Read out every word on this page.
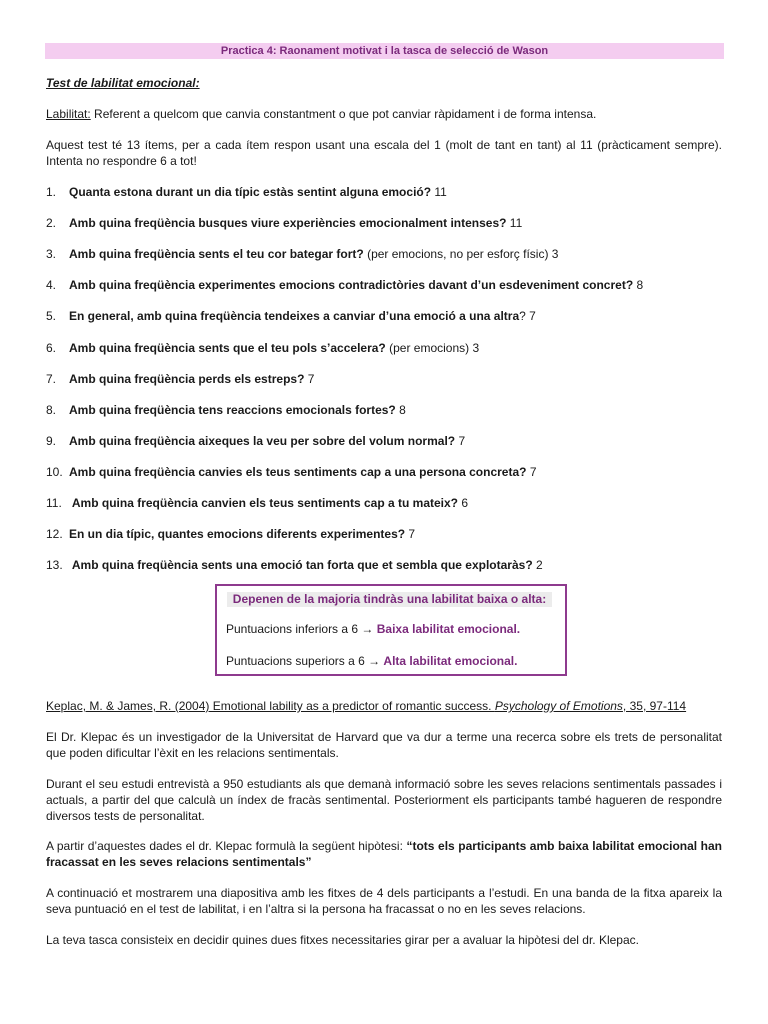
Practica 4: Raonament motivat i la tasca de selecció de Wason
Test de labilitat emocional:
Labilitat: Referent a quelcom que canvia constantment o que pot canviar ràpidament i de forma intensa.
Aquest test té 13 ítems, per a cada ítem respon usant una escala del 1 (molt de tant en tant) al 11 (pràcticament sempre). Intenta no respondre 6 a tot!
1. Quanta estona durant un dia típic estàs sentint alguna emoció? 11
2. Amb quina freqüència busques viure experiències emocionalment intenses? 11
3. Amb quina freqüència sents el teu cor bategar fort? (per emocions, no per esforç físic) 3
4. Amb quina freqüència experimentes emocions contradictòries davant d’un esdeveniment concret? 8
5. En general, amb quina freqüència tendeixes a canviar d’una emoció a una altra? 7
6. Amb quina freqüència sents que el teu pols s’accelera? (per emocions) 3
7. Amb quina freqüència perds els estreps? 7
8. Amb quina freqüència tens reaccions emocionals fortes? 8
9. Amb quina freqüència aixeques la veu per sobre del volum normal? 7
10. Amb quina freqüència canvies els teus sentiments cap a una persona concreta? 7
11. Amb quina freqüència canvien els teus sentiments cap a tu mateix? 6
12. En un dia típic, quantes emocions diferents experimentes? 7
13. Amb quina freqüència sents una emoció tan forta que et sembla que explotaràs? 2
Depenen de la majoria tindràs una labilitat baixa o alta:
Puntuacions inferiors a 6 → Baixa labilitat emocional.
Puntuacions superiors a 6 → Alta labilitat emocional.
Keplac, M. & James, R. (2004) Emotional lability as a predictor of romantic success. Psychology of Emotions, 35, 97-114
El Dr. Klepac és un investigador de la Universitat de Harvard que va dur a terme una recerca sobre els trets de personalitat que poden dificultar l’èxit en les relacions sentimentals.
Durant el seu estudi entrevistà a 950 estudiants als que demanà informació sobre les seves relacions sentimentals passades i actuals, a partir del que calculà un índex de fracàs sentimental. Posteriorment els participants també hagueren de respondre diversos tests de personalitat.
A partir d’aquestes dades el dr. Klepac formulà la següent hipòtesi: “tots els participants amb baixa labilitat emocional han fracassat en les seves relacions sentimentals”
A continuació et mostrarem una diapositiva amb les fitxes de 4 dels participants a l’estudi. En una banda de la fitxa apareix la seva puntuació en el test de labilitat, i en l’altra si la persona ha fracassat o no en les seves relacions.
La teva tasca consisteix en decidir quines dues fitxes necessitaries girar per a avaluar la hipòtesi del dr. Klepac.
